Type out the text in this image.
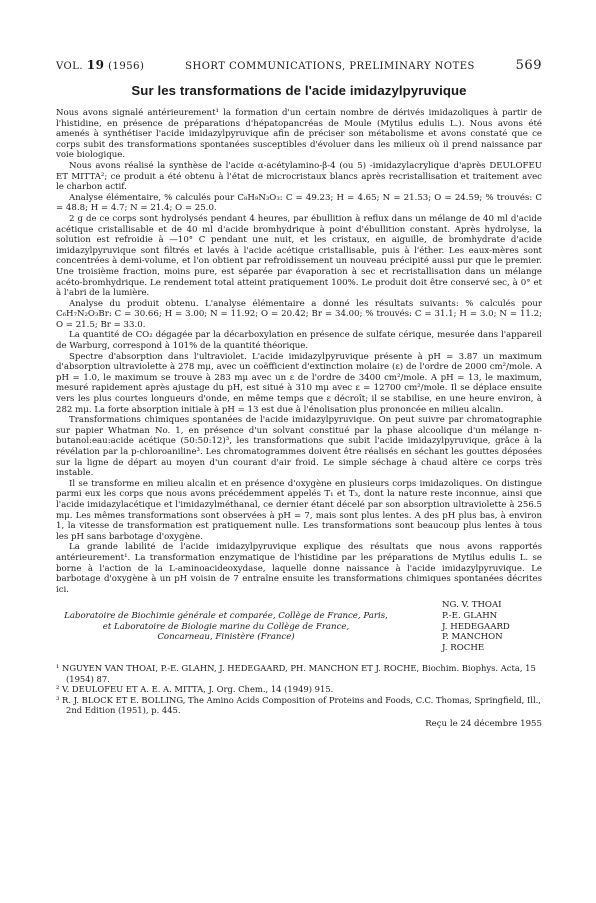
VOL. 19 (1956)	SHORT COMMUNICATIONS, PRELIMINARY NOTES	569
Sur les transformations de l'acide imidazylpyruvique

Nous avons signalé antérieurement¹ la formation d'un certain nombre de dérivés imidazoliques à partir de l'histidine, en présence de préparations d'hépatopancréas de Moule (Mytilus edulis L.). Nous avons été amenés à synthétiser l'acide imidazylpyruvique afin de préciser son métabolisme et avons constaté que ce corps subit des transformations spontanées susceptibles d'évoluer dans les milieux où il prend naissance par voie biologique.

Nous avons réalisé la synthèse de l'acide α-acétylamino-β-4 (ou 5) -imidazylacrylique d'après DEULOFEU ET MITTA²; ce produit a été obtenu à l'état de microcristaux blancs après recristallisation et traitement avec le charbon actif.

Analyse élémentaire, % calculés pour C₈H₉N₃O₃: C = 49.23; H = 4.65; N = 21.53; O = 24.59; % trouvés: C = 48.8; H = 4.7; N = 21.4; O = 25.0.

2 g de ce corps sont hydrolysés pendant 4 heures, par ébullition à reflux dans un mélange de 40 ml d'acide acétique cristallisable et de 40 ml d'acide bromhydrique à point d'ébullition constant. Après hydrolyse, la solution est refroidie à —10° C pendant une nuit, et les cristaux, en aiguille, de bromhydrate d'acide imidazylpyruvique sont filtrés et lavés à l'acide acétique cristallisable, puis à l'éther. Les eaux-mères sont concentrées à demi-volume, et l'on obtient par refroidissement un nouveau précipité aussi pur que le premier. Une troisième fraction, moins pure, est séparée par évaporation à sec et recristallisation dans un mélange acéto-bromhydrique. Le rendement total atteint pratiquement 100%. Le produit doit être conservé sec, à 0° et à l'abri de la lumière.

Analyse du produit obtenu. L'analyse élémentaire a donné les résultats suivants: % calculés pour C₆H₇N₂O₃Br: C = 30.66; H = 3.00; N = 11.92; O = 20.42; Br = 34.00; % trouvés: C = 31.1; H = 3.0; N = 11.2; O = 21.5; Br = 33.0.

La quantité de CO₂ dégagée par la décarboxylation en présence de sulfate cérique, mesurée dans l'appareil de Warburg, correspond à 101% de la quantité théorique.

Spectre d'absorption dans l'ultraviolet. L'acide imidazylpyruvique présente à pH = 3.87 un maximum d'absorption ultraviolette à 278 mμ, avec un coëfficient d'extinction molaire (ε) de l'ordre de 2000 cm²/mole. A pH = 1.0, le maximum se trouve à 283 mμ avec un ε de l'ordre de 3400 cm²/mole. A pH = 13, le maximum, mesuré rapidement après ajustage du pH, est situé à 310 mμ avec ε = 12700 cm²/mole. Il se déplace ensuite vers les plus courtes longueurs d'onde, en même temps que ε décroît; il se stabilise, en une heure environ, à 282 mμ. La forte absorption initiale à pH = 13 est due à l'énolisation plus prononcée en milieu alcalin.

Transformations chimiques spontanées de l'acide imidazylpyruvique. On peut suivre par chromatographie sur papier Whatman No. 1, en présence d'un solvant constitué par la phase alcoolique d'un mélange n-butanol:eau:acide acétique (50:50:12)³, les transformations que subit l'acide imidazylpyruvique, grâce à la révélation par la p-chloroaniline³. Les chromatogrammes doivent être réalisés en séchant les gouttes déposées sur la ligne de départ au moyen d'un courant d'air froid. Le simple séchage à chaud altère ce corps très instable.

Il se transforme en milieu alcalin et en présence d'oxygène en plusieurs corps imidazoliques. On distingue parmi eux les corps que nous avons précédemment appelés T₁ et T₃, dont la nature reste inconnue, ainsi que l'acide imidazylacétique et l'imidazylméthanal, ce dernier étant décelé par son absorption ultraviolette à 256.5 mμ. Les mêmes transformations sont observées à pH = 7, mais sont plus lentes. A des pH plus bas, à environ 1, la vitesse de transformation est pratiquement nulle. Les transformations sont beaucoup plus lentes à tous les pH sans barbotage d'oxygène.

La grande labilité de l'acide imidazylpyruvique explique des résultats que nous avons rapportés antérieurement¹. La transformation enzymatique de l'histidine par les préparations de Mytilus edulis L. se borne à l'action de la L-aminoacideoxydase, laquelle donne naissance à l'acide imidazylpyruvique. Le barbotage d'oxygène à un pH voisin de 7 entraîne ensuite les transformations chimiques spontanées décrites ici.

Laboratoire de Biochimie générale et comparée, Collège de France, Paris,
et Laboratoire de Biologie marine du Collège de France,
Concarneau, Finistère (France)
NG. V. THOAI
P.-E. GLAHN
J. HEDEGAARD
P. MANCHON
J. ROCHE
¹ NGUYEN VAN THOAI, P.-E. GLAHN, J. HEDEGAARD, PH. MANCHON ET J. ROCHE, Biochim. Biophys. Acta, 15 (1954) 87.
² V. DEULOFEU ET A. E. A. MITTA, J. Org. Chem., 14 (1949) 915.
³ R. J. BLOCK ET E. BOLLING, The Amino Acids Composition of Proteins and Foods, C.C. Thomas, Springfield, Ill., 2nd Edition (1951), p. 445.
Reçu le 24 décembre 1955
